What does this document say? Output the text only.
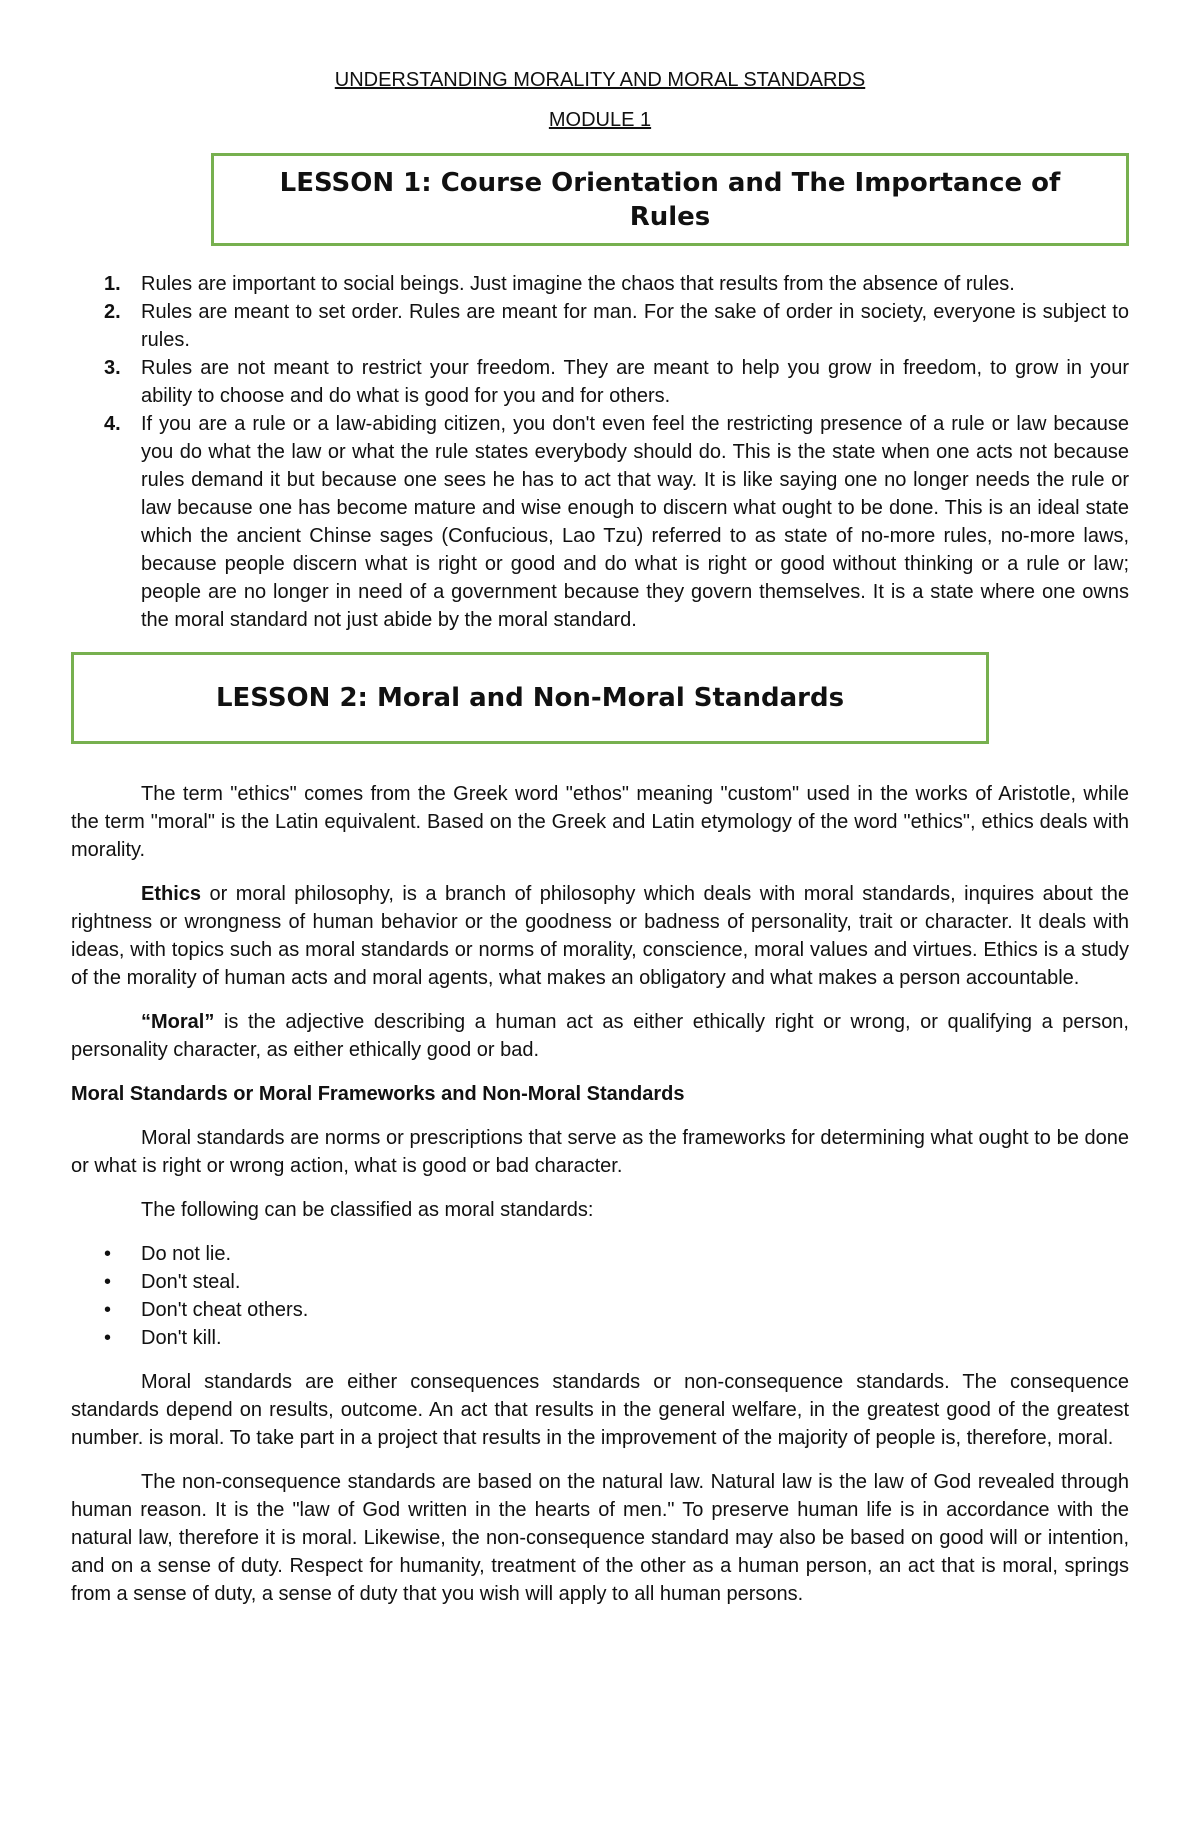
UNDERSTANDING MORALITY AND MORAL STANDARDS
MODULE 1
LESSON 1: Course Orientation and The Importance of Rules
1. Rules are important to social beings. Just imagine the chaos that results from the absence of rules.
2. Rules are meant to set order. Rules are meant for man. For the sake of order in society, everyone is subject to rules.
3. Rules are not meant to restrict your freedom. They are meant to help you grow in freedom, to grow in your ability to choose and do what is good for you and for others.
4. If you are a rule or a law-abiding citizen, you don't even feel the restricting presence of a rule or law because you do what the law or what the rule states everybody should do. This is the state when one acts not because rules demand it but because one sees he has to act that way. It is like saying one no longer needs the rule or law because one has become mature and wise enough to discern what ought to be done. This is an ideal state which the ancient Chinse sages (Confucious, Lao Tzu) referred to as state of no-more rules, no-more laws, because people discern what is right or good and do what is right or good without thinking or a rule or law; people are no longer in need of a government because they govern themselves. It is a state where one owns the moral standard not just abide by the moral standard.
LESSON 2: Moral and Non-Moral Standards

The term "ethics" comes from the Greek word "ethos" meaning "custom" used in the works of Aristotle, while the term "moral" is the Latin equivalent. Based on the Greek and Latin etymology of the word "ethics", ethics deals with morality.

Ethics or moral philosophy, is a branch of philosophy which deals with moral standards, inquires about the rightness or wrongness of human behavior or the goodness or badness of personality, trait or character. It deals with ideas, with topics such as moral standards or norms of morality, conscience, moral values and virtues. Ethics is a study of the morality of human acts and moral agents, what makes an obligatory and what makes a person accountable.

“Moral” is the adjective describing a human act as either ethically right or wrong, or qualifying a person, personality character, as either ethically good or bad.

Moral Standards or Moral Frameworks and Non-Moral Standards

Moral standards are norms or prescriptions that serve as the frameworks for determining what ought to be done or what is right or wrong action, what is good or bad character.

The following can be classified as moral standards:

• Do not lie.
• Don't steal.
• Don't cheat others.
• Don't kill.

Moral standards are either consequences standards or non-consequence standards. The consequence standards depend on results, outcome. An act that results in the general welfare, in the greatest good of the greatest number. is moral. To take part in a project that results in the improvement of the majority of people is, therefore, moral.

The non-consequence standards are based on the natural law. Natural law is the law of God revealed through human reason. It is the "law of God written in the hearts of men." To preserve human life is in accordance with the natural law, therefore it is moral. Likewise, the non-consequence standard may also be based on good will or intention, and on a sense of duty. Respect for humanity, treatment of the other as a human person, an act that is moral, springs from a sense of duty, a sense of duty that you wish will apply to all human persons.
